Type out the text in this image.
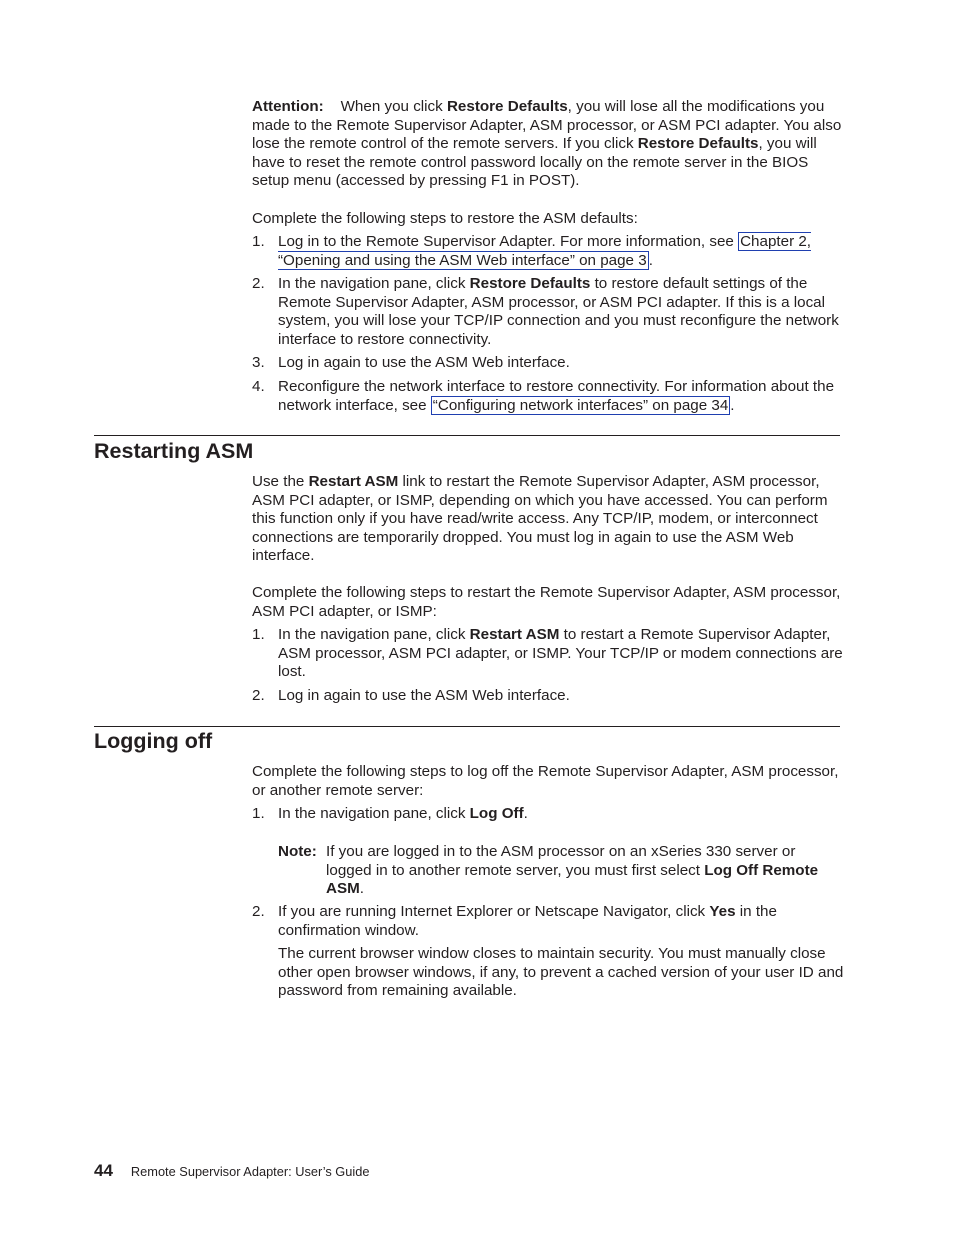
Attention: When you click Restore Defaults, you will lose all the modifications you made to the Remote Supervisor Adapter, ASM processor, or ASM PCI adapter. You also lose the remote control of the remote servers. If you click Restore Defaults, you will have to reset the remote control password locally on the remote server in the BIOS setup menu (accessed by pressing F1 in POST).

Complete the following steps to restore the ASM defaults:

1. Log in to the Remote Supervisor Adapter. For more information, see Chapter 2, “Opening and using the ASM Web interface” on page 3 .
2. In the navigation pane, click Restore Defaults to restore default settings of the Remote Supervisor Adapter, ASM processor, or ASM PCI adapter. If this is a local system, you will lose your TCP/IP connection and you must reconfigure the network interface to restore connectivity.
3. Log in again to use the ASM Web interface.
4. Reconfigure the network interface to restore connectivity. For information about the network interface, see “Configuring network interfaces” on page 34 .
Restarting ASM

Use the Restart ASM link to restart the Remote Supervisor Adapter, ASM processor, ASM PCI adapter, or ISMP, depending on which you have accessed. You can perform this function only if you have read/write access. Any TCP/IP, modem, or interconnect connections are temporarily dropped. You must log in again to use the ASM Web interface.

Complete the following steps to restart the Remote Supervisor Adapter, ASM processor, ASM PCI adapter, or ISMP:

1. In the navigation pane, click Restart ASM to restart a Remote Supervisor Adapter, ASM processor, ASM PCI adapter, or ISMP. Your TCP/IP or modem connections are lost.
2. Log in again to use the ASM Web interface.
Logging off

Complete the following steps to log off the Remote Supervisor Adapter, ASM processor, or another remote server:

1. In the navigation pane, click Log Off.
Note: If you are logged in to the ASM processor on an xSeries 330 server or logged in to another remote server, you must first select Log Off Remote ASM.
2. If you are running Internet Explorer or Netscape Navigator, click Yes in the confirmation window.

The current browser window closes to maintain security. You must manually close other open browser windows, if any, to prevent a cached version of your user ID and password from remaining available.

44 Remote Supervisor Adapter: User’s Guide
